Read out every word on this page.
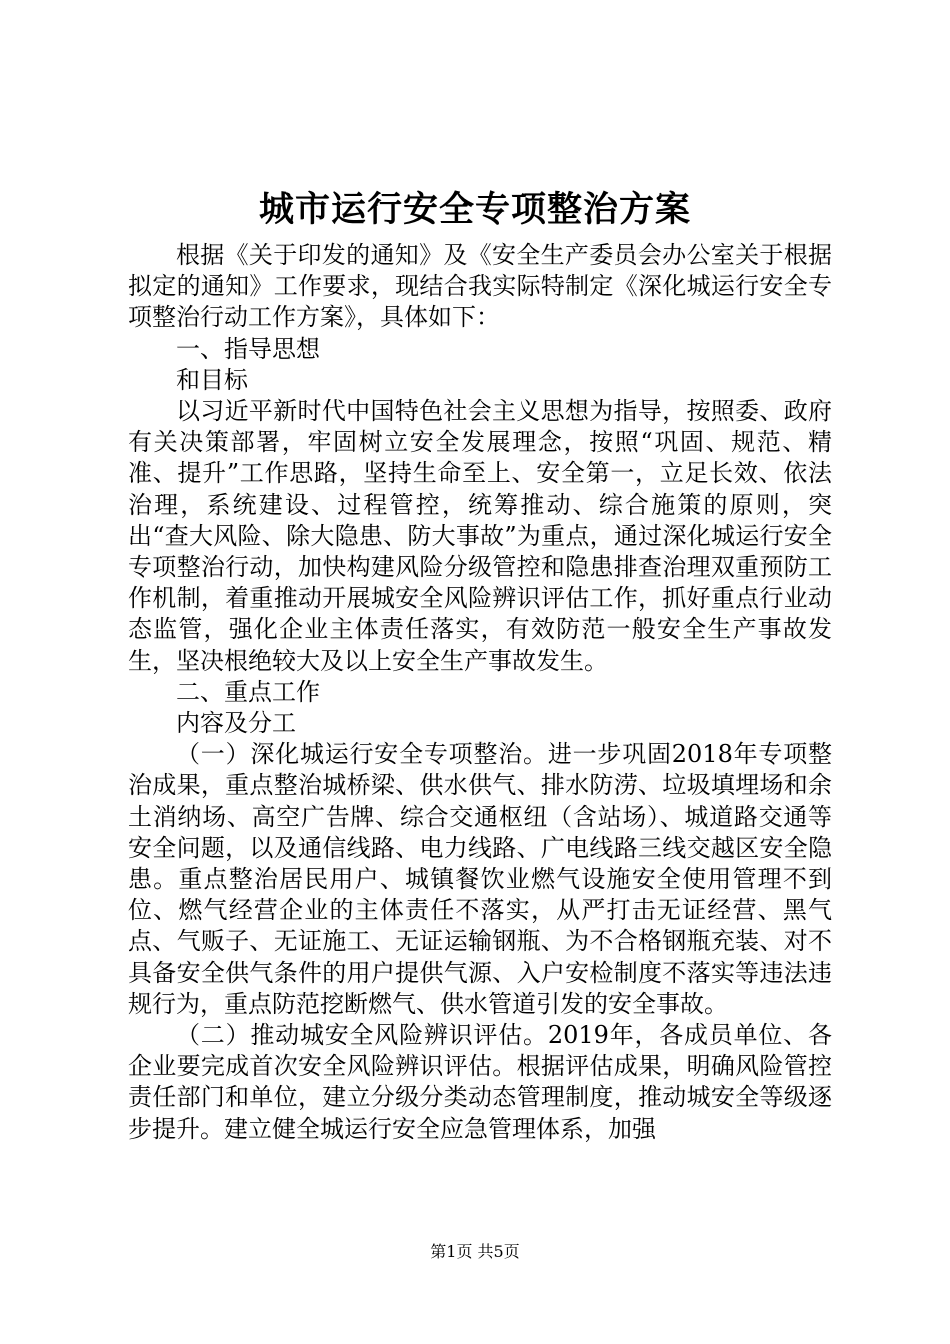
城市运行安全专项整治方案

根据《关于印发的通知》及《安全生产委员会办公室关于根据拟定的通知》工作要求，现结合我实际特制定《深化城运行安全专项整治行动工作方案》，具体如下：

一、指导思想

和目标

以习近平新时代中国特色社会主义思想为指导，按照委、政府有关决策部署，牢固树立安全发展理念，按照“巩固、规范、精准、提升”工作思路，坚持生命至上、安全第一，立足长效、依法治理，系统建设、过程管控，统筹推动、综合施策的原则，突出“查大风险、除大隐患、防大事故”为重点，通过深化城运行安全专项整治行动，加快构建风险分级管控和隐患排查治理双重预防工作机制，着重推动开展城安全风险辨识评估工作，抓好重点行业动态监管，强化企业主体责任落实，有效防范一般安全生产事故发生，坚决根绝较大及以上安全生产事故发生。

二、重点工作

内容及分工

（一）深化城运行安全专项整治。进一步巩固2018年专项整治成果，重点整治城桥梁、供水供气、排水防涝、垃圾填埋场和余土消纳场、高空广告牌、综合交通枢纽（含站场）、城道路交通等安全问题，以及通信线路、电力线路、广电线路三线交越区安全隐患。重点整治居民用户、城镇餐饮业燃气设施安全使用管理不到位、燃气经营企业的主体责任不落实，从严打击无证经营、黑气点、气贩子、无证施工、无证运输钢瓶、为不合格钢瓶充装、对不具备安全供气条件的用户提供气源、入户安检制度不落实等违法违规行为，重点防范挖断燃气、供水管道引发的安全事故。

（二）推动城安全风险辨识评估。2019年，各成员单位、各企业要完成首次安全风险辨识评估。根据评估成果，明确风险管控责任部门和单位，建立分级分类动态管理制度，推动城安全等级逐步提升。建立健全城运行安全应急管理体系，加强

第1页 共5页
